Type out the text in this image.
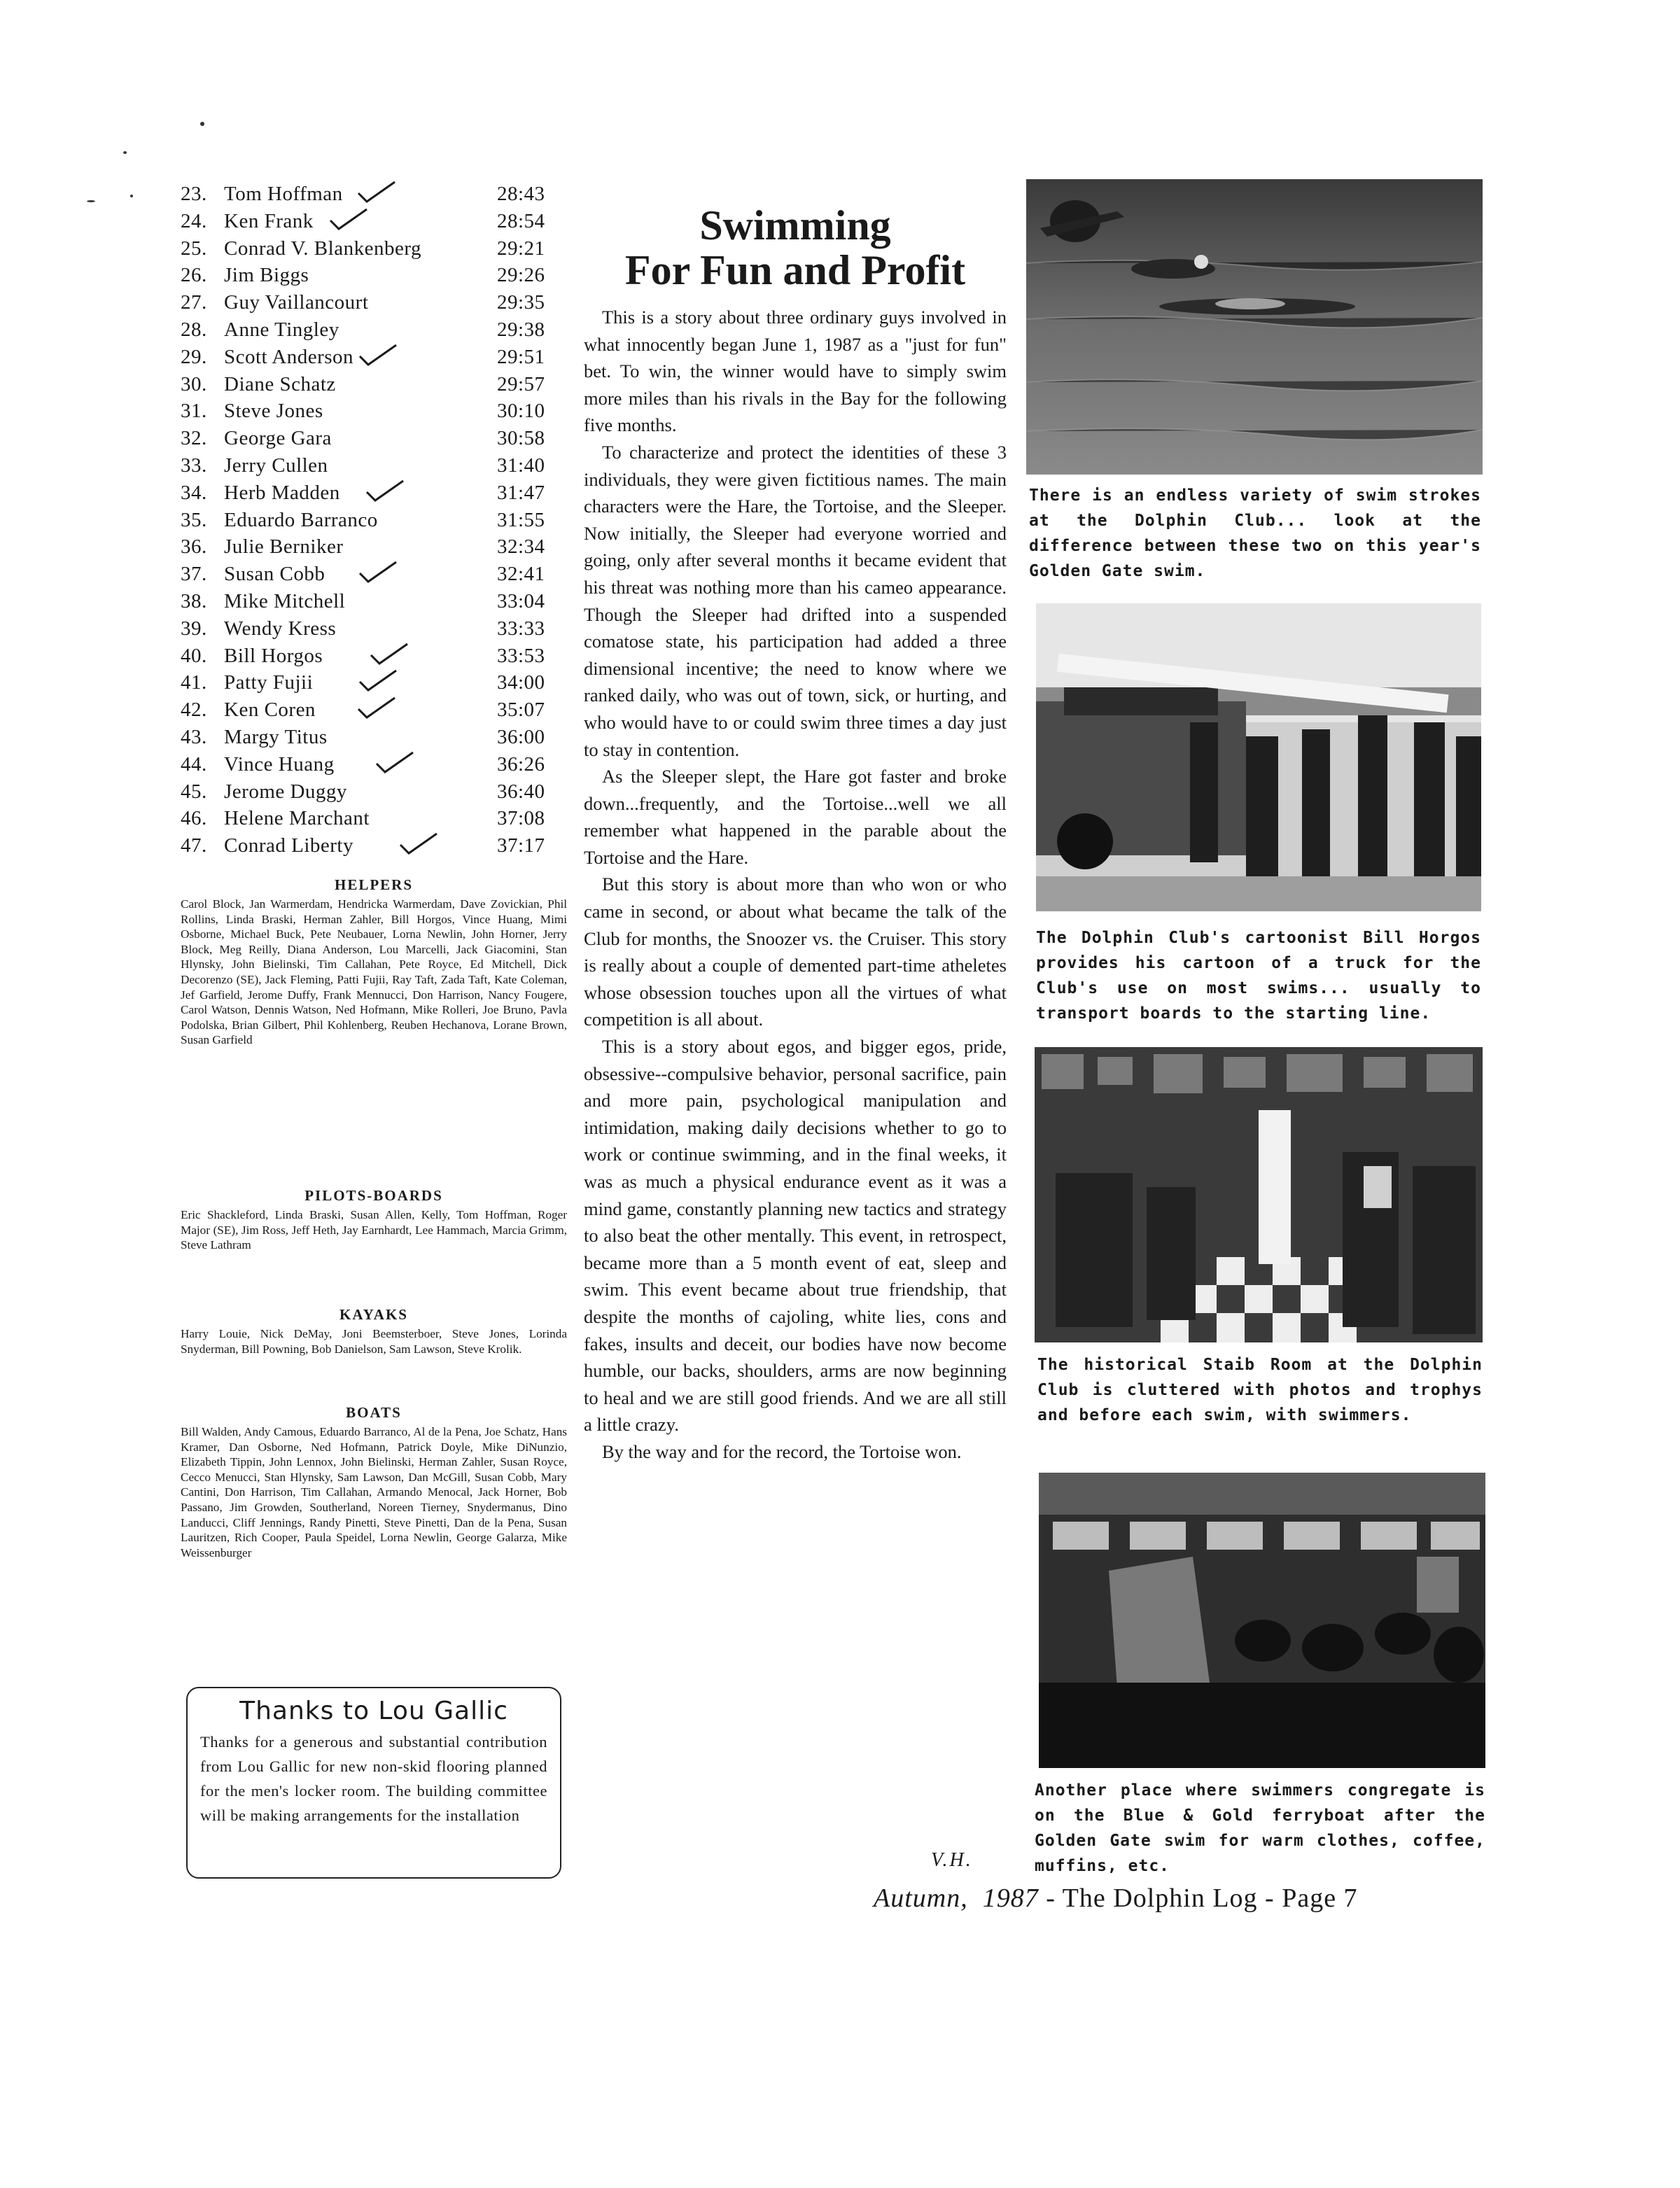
23. Tom Hoffman	28:43
24. Ken Frank	28:54
25. Conrad V. Blankenberg	29:21
26. Jim Biggs	29:26
27. Guy Vaillancourt	29:35
28. Anne Tingley	29:38
29. Scott Anderson	29:51
30. Diane Schatz	29:57
31. Steve Jones	30:10
32. George Gara	30:58
33. Jerry Cullen	31:40
34. Herb Madden	31:47
35. Eduardo Barranco	31:55
36. Julie Berniker	32:34
37. Susan Cobb	32:41
38. Mike Mitchell	33:04
39. Wendy Kress	33:33
40. Bill Horgos	33:53
41. Patty Fujii	34:00
42. Ken Coren	35:07
43. Margy Titus	36:00
44. Vince Huang	36:26
45. Jerome Duggy	36:40
46. Helene Marchant	37:08
47. Conrad Liberty	37:17
HELPERS

Carol Block, Jan Warmerdam, Hendricka Warmerdam, Dave Zovickian, Phil Rollins, Linda Braski, Herman Zahler, Bill Horgos, Vince Huang, Mimi Osborne, Michael Buck, Pete Neubauer, Lorna Newlin, John Horner, Jerry Block, Meg Reilly, Diana Anderson, Lou Marcelli, Jack Giacomini, Stan Hlynsky, John Bielinski, Tim Callahan, Pete Royce, Ed Mitchell, Dick Decorenzo (SE), Jack Fleming, Patti Fujii, Ray Taft, Zada Taft, Kate Coleman, Jef Garfield, Jerome Duffy, Frank Mennucci, Don Harrison, Nancy Fougere, Carol Watson, Dennis Watson, Ned Hofmann, Mike Rolleri, Joe Bruno, Pavla Podolska, Brian Gilbert, Phil Kohlenberg, Reuben Hechanova, Lorane Brown, Susan Garfield

PILOTS-BOARDS

Eric Shackleford, Linda Braski, Susan Allen, Kelly, Tom Hoffman, Roger Major (SE), Jim Ross, Jeff Heth, Jay Earnhardt, Lee Hammach, Marcia Grimm, Steve Lathram

KAYAKS

Harry Louie, Nick DeMay, Joni Beemsterboer, Steve Jones, Lorinda Snyderman, Bill Powning, Bob Danielson, Sam Lawson, Steve Krolik.

BOATS

Bill Walden, Andy Camous, Eduardo Barranco, Al de la Pena, Joe Schatz, Hans Kramer, Dan Osborne, Ned Hofmann, Patrick Doyle, Mike DiNunzio, Elizabeth Tippin, John Lennox, John Bielinski, Herman Zahler, Susan Royce, Cecco Menucci, Stan Hlynsky, Sam Lawson, Dan McGill, Susan Cobb, Mary Cantini, Don Harrison, Tim Callahan, Armando Menocal, Jack Horner, Bob Passano, Jim Growden, Southerland, Noreen Tierney, Snydermanus, Dino Landucci, Cliff Jennings, Randy Pinetti, Steve Pinetti, Dan de la Pena, Susan Lauritzen, Rich Cooper, Paula Speidel, Lorna Newlin, George Galarza, Mike Weissenburger

Thanks to Lou Gallic

Thanks for a generous and substantial contribution from Lou Gallic for new non-skid flooring planned for the men's locker room. The building committee will be making arrangements for the installation

Swimming
For Fun and Profit

This is a story about three ordinary guys involved in what innocently began June 1, 1987 as a "just for fun" bet. To win, the winner would have to simply swim more miles than his rivals in the Bay for the following five months.

To characterize and protect the identities of these 3 individuals, they were given fictitious names. The main characters were the Hare, the Tortoise, and the Sleeper. Now initially, the Sleeper had everyone worried and going, only after several months it became evident that his threat was nothing more than his cameo appearance. Though the Sleeper had drifted into a suspended comatose state, his participation had added a three dimensional incentive; the need to know where we ranked daily, who was out of town, sick, or hurting, and who would have to or could swim three times a day just to stay in contention.

As the Sleeper slept, the Hare got faster and broke down...frequently, and the Tortoise...well we all remember what happened in the parable about the Tortoise and the Hare.

But this story is about more than who won or who came in second, or about what became the talk of the Club for months, the Snoozer vs. the Cruiser. This story is really about a couple of demented part-time atheletes whose obsession touches upon all the virtues of what competition is all about.

This is a story about egos, and bigger egos, pride, obsessive--compulsive behavior, personal sacrifice, pain and more pain, psychological manipulation and intimidation, making daily decisions whether to go to work or continue swimming, and in the final weeks, it was as much a physical endurance event as it was a mind game, constantly planning new tactics and strategy to also beat the other mentally. This event, in retrospect, became more than a 5 month event of eat, sleep and swim. This event became about true friendship, that despite the months of cajoling, white lies, cons and fakes, insults and deceit, our bodies have now become humble, our backs, shoulders, arms are now beginning to heal and we are still good friends. And we are all still a little crazy.

By the way and for the record, the Tortoise won.

V.H.
There is an endless variety of swim strokes at the Dolphin Club... look at the difference between these two on this year's Golden Gate swim.
The Dolphin Club's cartoonist Bill Horgos provides his cartoon of a truck for the Club's use on most swims... usually to transport boards to the starting line.
The historical Staib Room at the Dolphin Club is cluttered with photos and trophys and before each swim, with swimmers.
Another place where swimmers congregate is on the Blue & Gold ferryboat after the Golden Gate swim for warm clothes, coffee, muffins, etc.
Autumn, 1987 - The Dolphin Log - Page 7
